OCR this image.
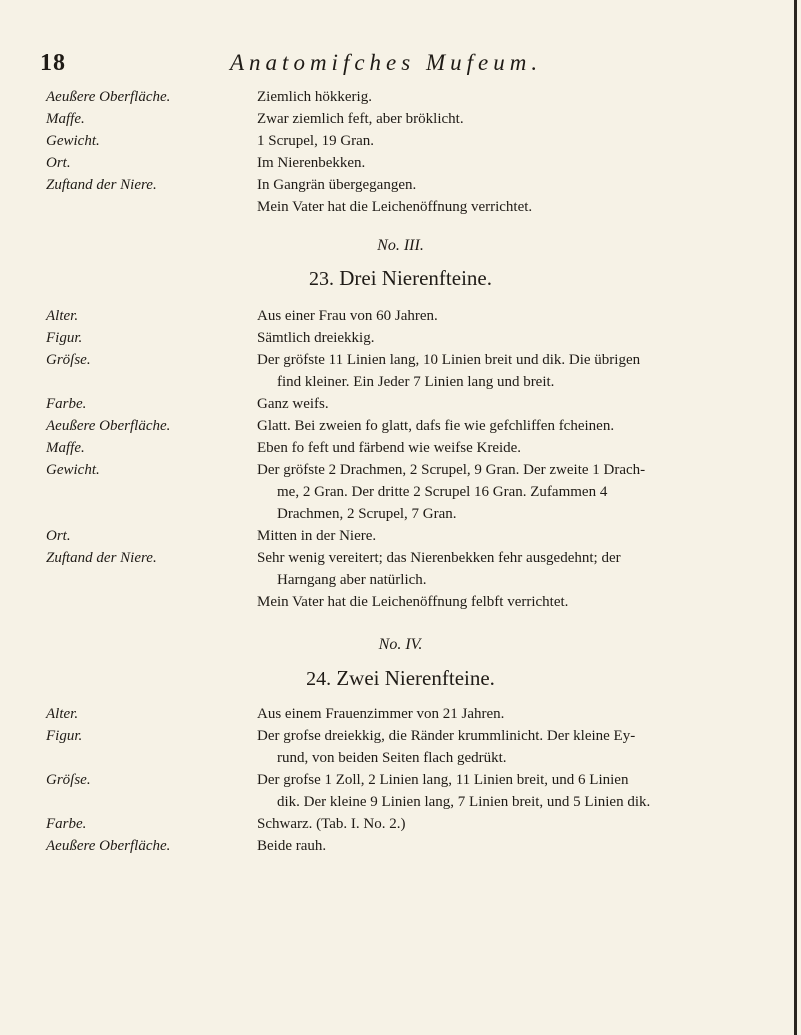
18	Anatomifches Mufeum.
Aeußere Oberfläche.	Ziemlich hökkerig.
Maffe.	Zwar ziemlich feft, aber bröklicht.
Gewicht.	1 Scrupel, 19 Gran.
Ort.	Im Nierenbekken.
Zuftand der Niere.	In Gangrän übergegangen.
Mein Vater hat die Leichenöffnung verrichtet.
No. III.
23. Drei Nierenfteine.
Alter.	Aus einer Frau von 60 Jahren.
Figur.	Sämtlich dreiekkig.
Gröſse.	Der gröfste 11 Linien lang, 10 Linien breit und dik. Die übrigen
find kleiner. Ein Jeder 7 Linien lang und breit.
Farbe.	Ganz weifs.
Aeußere Oberfläche.	Glatt. Bei zweien fo glatt, dafs fie wie gefchliffen fcheinen.
Maffe.	Eben fo feft und färbend wie weifse Kreide.
Gewicht.	Der gröfste 2 Drachmen, 2 Scrupel, 9 Gran. Der zweite 1 Drach-
me, 2 Gran. Der dritte 2 Scrupel 16 Gran. Zufammen 4
Drachmen, 2 Scrupel, 7 Gran.
Ort.	Mitten in der Niere.
Zuftand der Niere.	Sehr wenig vereitert; das Nierenbekken fehr ausgedehnt; der
Harngang aber natürlich.
Mein Vater hat die Leichenöffnung felbft verrichtet.
No. IV.
24. Zwei Nierenfteine.
Alter.	Aus einem Frauenzimmer von 21 Jahren.
Figur.	Der grofse dreiekkig, die Ränder krummlinicht. Der kleine Ey-
rund, von beiden Seiten flach gedrükt.
Gröſse.	Der grofse 1 Zoll, 2 Linien lang, 11 Linien breit, und 6 Linien
dik. Der kleine 9 Linien lang, 7 Linien breit, und 5 Linien dik.
Farbe.	Schwarz. (Tab. I. No. 2.)
Aeußere Oberfläche.	Beide rauh.
